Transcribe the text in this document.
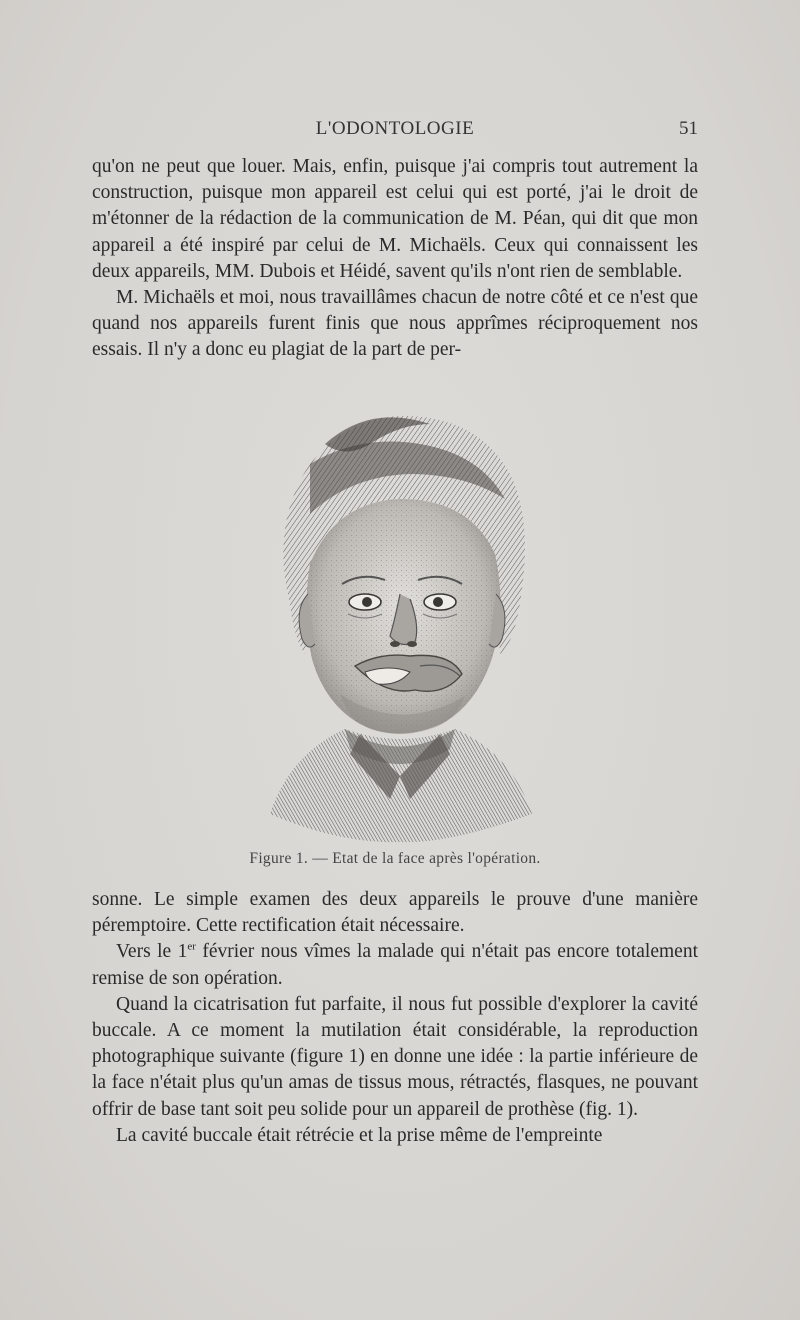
L'ODONTOLOGIE	51

qu'on ne peut que louer. Mais, enfin, puisque j'ai compris tout autrement la construction, puisque mon appareil est celui qui est porté, j'ai le droit de m'étonner de la rédaction de la communication de M. Péan, qui dit que mon appareil a été inspiré par celui de M. Michaëls. Ceux qui connaissent les deux appareils, MM. Dubois et Héidé, savent qu'ils n'ont rien de semblable.

M. Michaëls et moi, nous travaillâmes chacun de notre côté et ce n'est que quand nos appareils furent finis que nous apprîmes réciproquement nos essais. Il n'y a donc eu plagiat de la part de per-

Figure 1. — Etat de la face après l'opération.

sonne. Le simple examen des deux appareils le prouve d'une manière péremptoire. Cette rectification était nécessaire.

Vers le 1er février nous vîmes la malade qui n'était pas encore totalement remise de son opération.

Quand la cicatrisation fut parfaite, il nous fut possible d'explorer la cavité buccale. A ce moment la mutilation était considérable, la reproduction photographique suivante (figure 1) en donne une idée : la partie inférieure de la face n'était plus qu'un amas de tissus mous, rétractés, flasques, ne pouvant offrir de base tant soit peu solide pour un appareil de prothèse (fig. 1).

La cavité buccale était rétrécie et la prise même de l'empreinte
